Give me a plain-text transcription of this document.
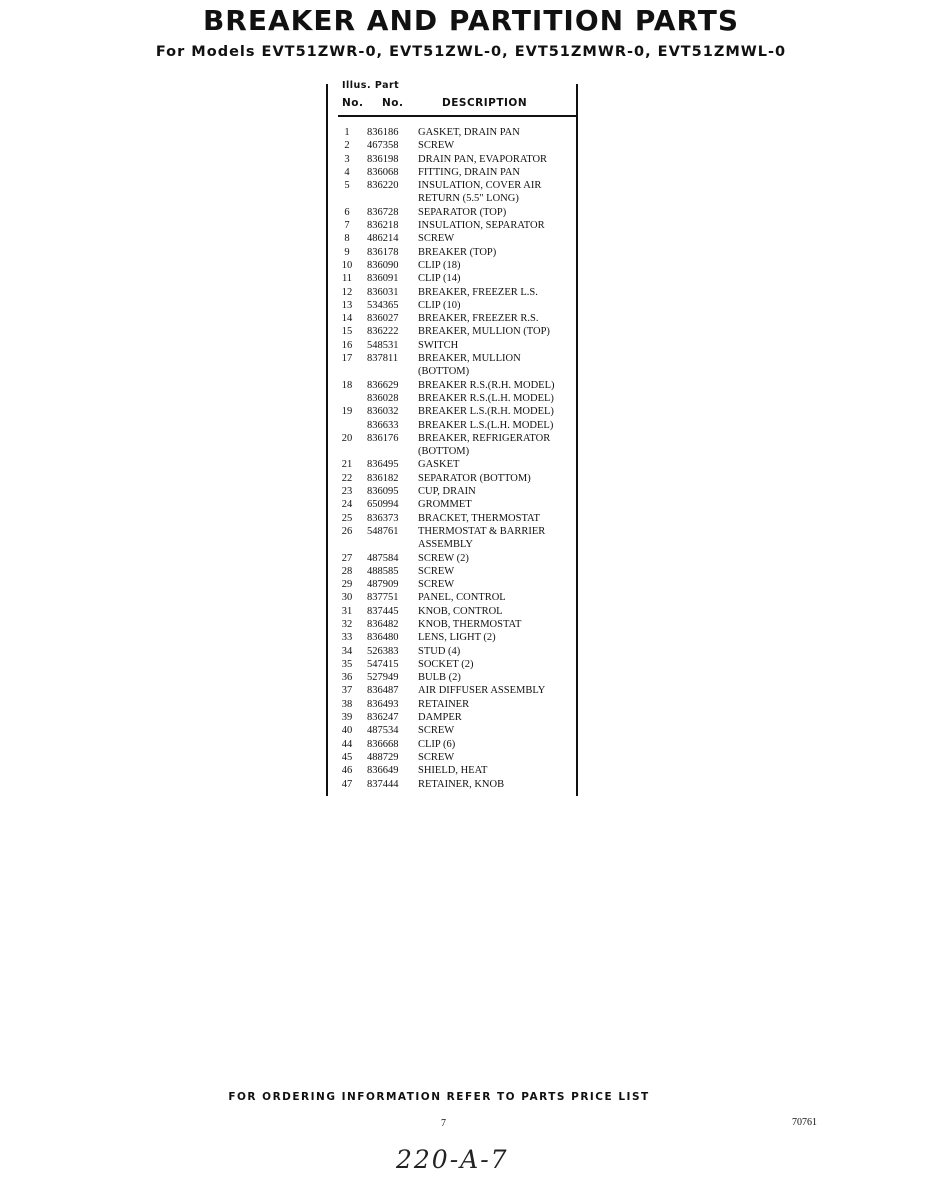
BREAKER AND PARTITION PARTS
For Models EVT51ZWR-0, EVT51ZWL-0, EVT51ZMWR-0, EVT51ZMWL-0
Illus. Part
No. No.	DESCRIPTION
1	836186 GASKET, DRAIN PAN
2	467358 SCREW
3	836198 DRAIN PAN, EVAPORATOR
4	836068 FITTING, DRAIN PAN
5	836220 INSULATION, COVER AIR
RETURN (5.5" LONG)
6	836728 SEPARATOR (TOP)
7	836218 INSULATION, SEPARATOR
8	486214 SCREW
9	836178 BREAKER (TOP)
10	836090 CLIP (18)
11	836091 CLIP (14)
12	836031 BREAKER, FREEZER L.S.
13	534365 CLIP (10)
14	836027 BREAKER, FREEZER R.S.
15	836222 BREAKER, MULLION (TOP)
16	548531 SWITCH
17	837811 BREAKER, MULLION
(BOTTOM)
18	836629 BREAKER R.S.(R.H. MODEL)
836028 BREAKER R.S.(L.H. MODEL)
19	836032 BREAKER L.S.(R.H. MODEL)
836633 BREAKER L.S.(L.H. MODEL)
20	836176 BREAKER, REFRIGERATOR
(BOTTOM)
21	836495 GASKET
22	836182 SEPARATOR (BOTTOM)
23	836095 CUP, DRAIN
24	650994 GROMMET
25	836373 BRACKET, THERMOSTAT
26	548761 THERMOSTAT & BARRIER
ASSEMBLY
27	487584 SCREW (2)
28	488585 SCREW
29	487909 SCREW
30	837751 PANEL, CONTROL
31	837445 KNOB, CONTROL
32	836482 KNOB, THERMOSTAT
33	836480 LENS, LIGHT (2)
34	526383 STUD (4)
35	547415 SOCKET (2)
36	527949 BULB (2)
37	836487 AIR DIFFUSER ASSEMBLY
38	836493 RETAINER
39	836247 DAMPER
40	487534 SCREW
44	836668 CLIP (6)
45	488729 SCREW
46	836649 SHIELD, HEAT
47	837444 RETAINER, KNOB
FOR ORDERING INFORMATION REFER TO PARTS PRICE LIST
7	70761
220-A-7
